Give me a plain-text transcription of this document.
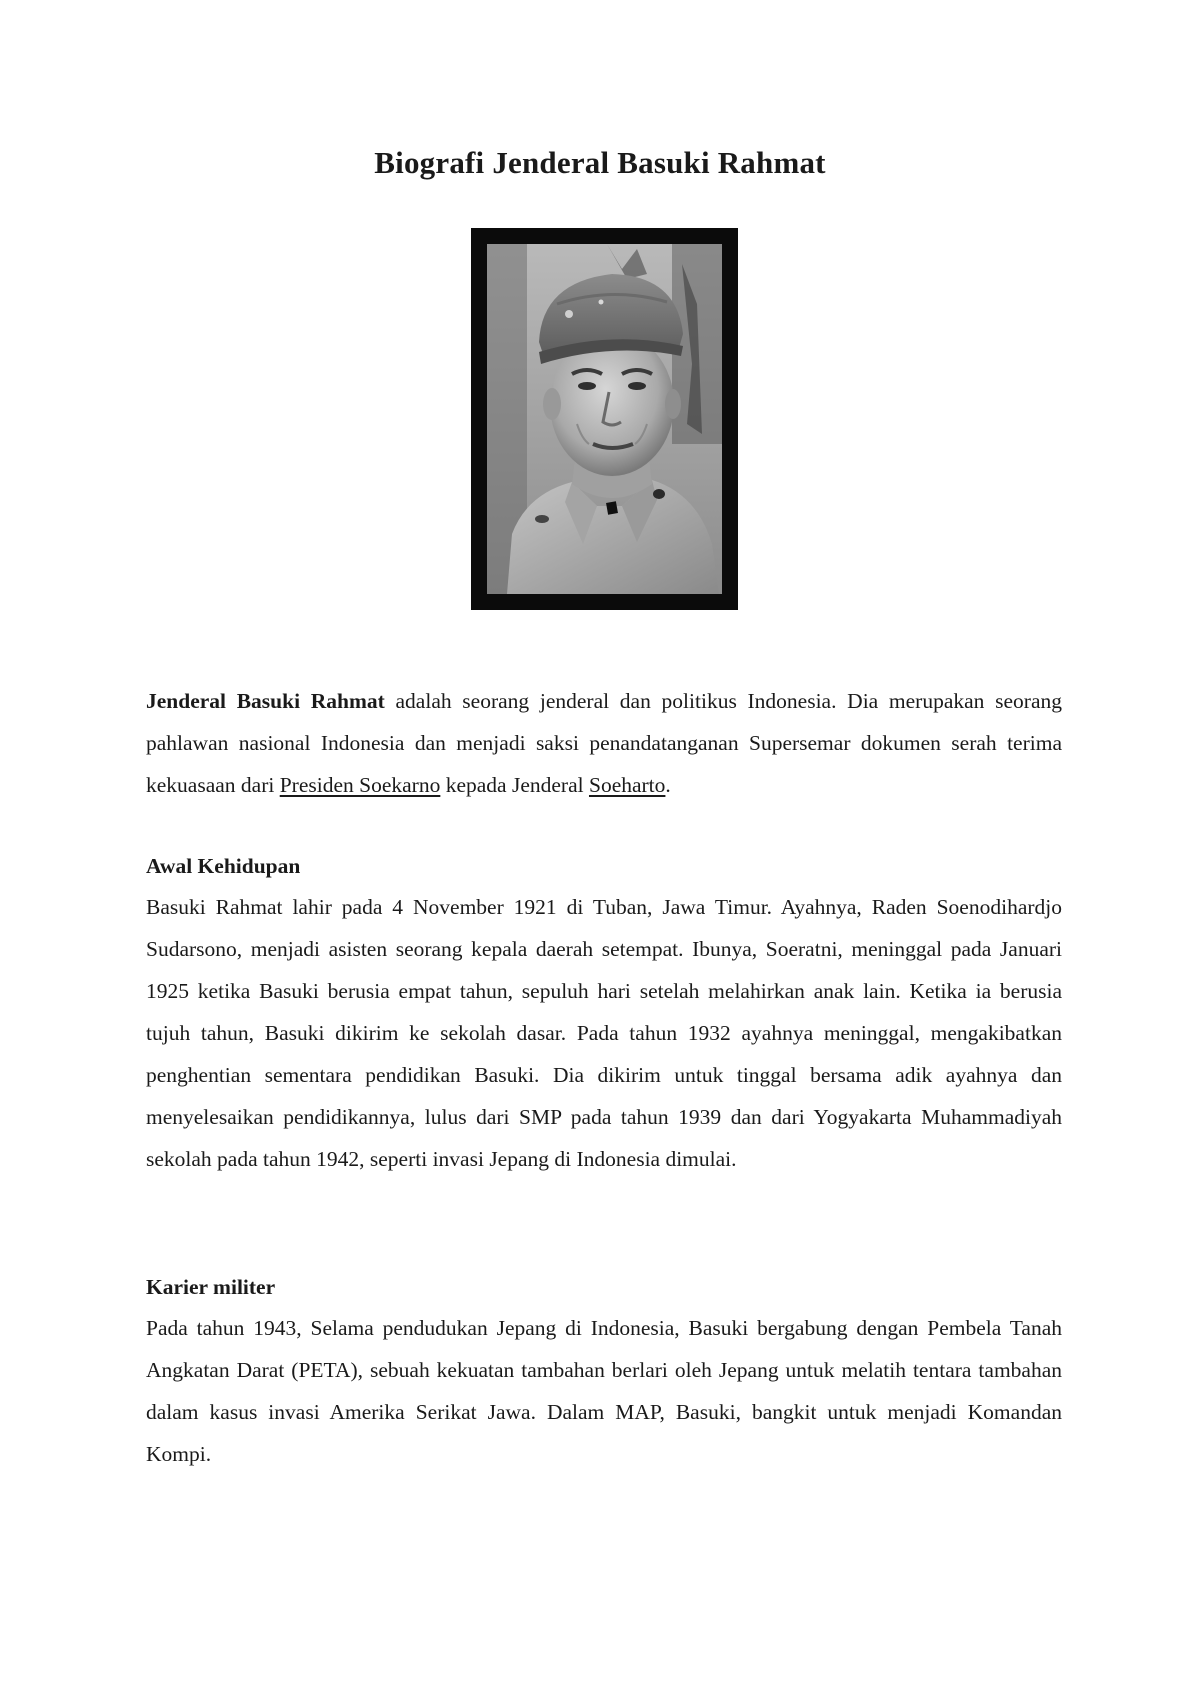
Biografi Jenderal Basuki Rahmat

Jenderal Basuki Rahmat adalah seorang jenderal dan politikus Indonesia. Dia merupakan seorang pahlawan nasional Indonesia dan menjadi saksi penandatanganan Supersemar dokumen serah terima kekuasaan dari Presiden Soekarno kepada Jenderal Soeharto.

Awal Kehidupan

Basuki Rahmat lahir pada 4 November 1921 di Tuban, Jawa Timur. Ayahnya, Raden Soenodihardjo Sudarsono, menjadi asisten seorang kepala daerah setempat. Ibunya, Soeratni, meninggal pada Januari 1925 ketika Basuki berusia empat tahun, sepuluh hari setelah melahirkan anak lain. Ketika ia berusia tujuh tahun, Basuki dikirim ke sekolah dasar. Pada tahun 1932 ayahnya meninggal, mengakibatkan penghentian sementara pendidikan Basuki. Dia dikirim untuk tinggal bersama adik ayahnya dan menyelesaikan pendidikannya, lulus dari SMP pada tahun 1939 dan dari Yogyakarta Muhammadiyah sekolah pada tahun 1942, seperti invasi Jepang di Indonesia dimulai.

Karier militer

Pada tahun 1943, Selama pendudukan Jepang di Indonesia, Basuki bergabung dengan Pembela Tanah Angkatan Darat (PETA), sebuah kekuatan tambahan berlari oleh Jepang untuk melatih tentara tambahan dalam kasus invasi Amerika Serikat Jawa. Dalam MAP, Basuki, bangkit untuk menjadi Komandan Kompi.
